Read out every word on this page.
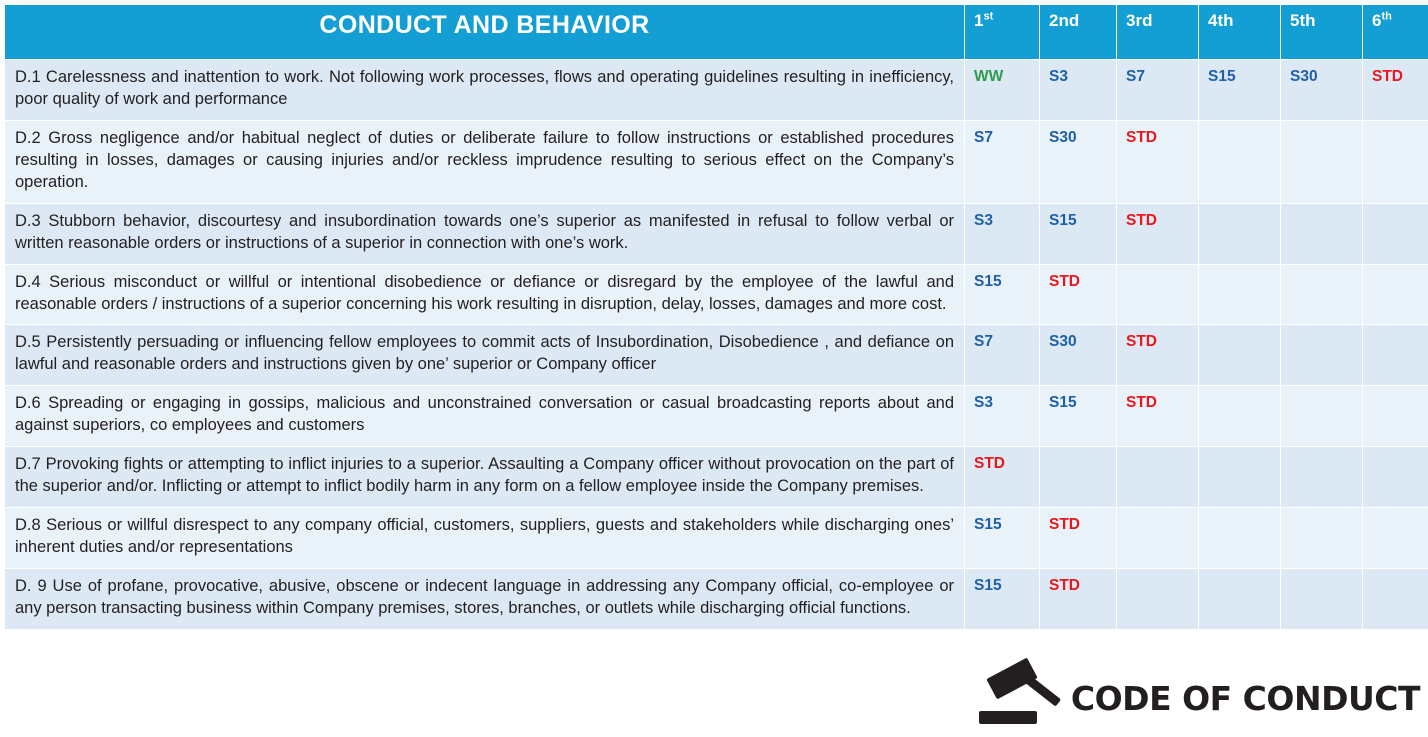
CONDUCT AND BEHAVIOR	1st	2nd	3rd	4th	5th	6th
D.1 Carelessness and inattention to work. Not following work processes, flows and operating guidelines resulting in inefficiency, poor quality of work and performance	WW	S3	S7	S15	S30	STD
D.2 Gross negligence and/or habitual neglect of duties or deliberate failure to follow instructions or established procedures resulting in losses, damages or causing injuries and/or reckless imprudence resulting to serious effect on the Company’s operation.	S7	S30	STD			
D.3 Stubborn behavior, discourtesy and insubordination towards one’s superior as manifested in refusal to follow verbal or written reasonable orders or instructions of a superior in connection with one’s work.	S3	S15	STD			
D.4 Serious misconduct or willful or intentional disobedience or defiance or disregard by the employee of the lawful and reasonable orders / instructions of a superior concerning his work resulting in disruption, delay, losses, damages and more cost.	S15	STD				
D.5 Persistently persuading or influencing fellow employees to commit acts of Insubordination, Disobedience , and defiance on lawful and reasonable orders and instructions given by one’ superior or Company officer	S7	S30	STD			
D.6 Spreading or engaging in gossips, malicious and unconstrained conversation or casual broadcasting reports about and against superiors, co employees and customers	S3	S15	STD			
D.7 Provoking fights or attempting to inflict injuries to a superior. Assaulting a Company officer without provocation on the part of the superior and/or. Inflicting or attempt to inflict bodily harm in any form on a fellow employee inside the Company premises.	STD					
D.8 Serious or willful disrespect to any company official, customers, suppliers, guests and stakeholders while discharging ones’ inherent duties and/or representations	S15	STD				
D. 9 Use of profane, provocative, abusive, obscene or indecent language in addressing any Company official, co-employee or any person transacting business within Company premises, stores, branches, or outlets while discharging official functions.	S15	STD				
CODE OF CONDUCT
